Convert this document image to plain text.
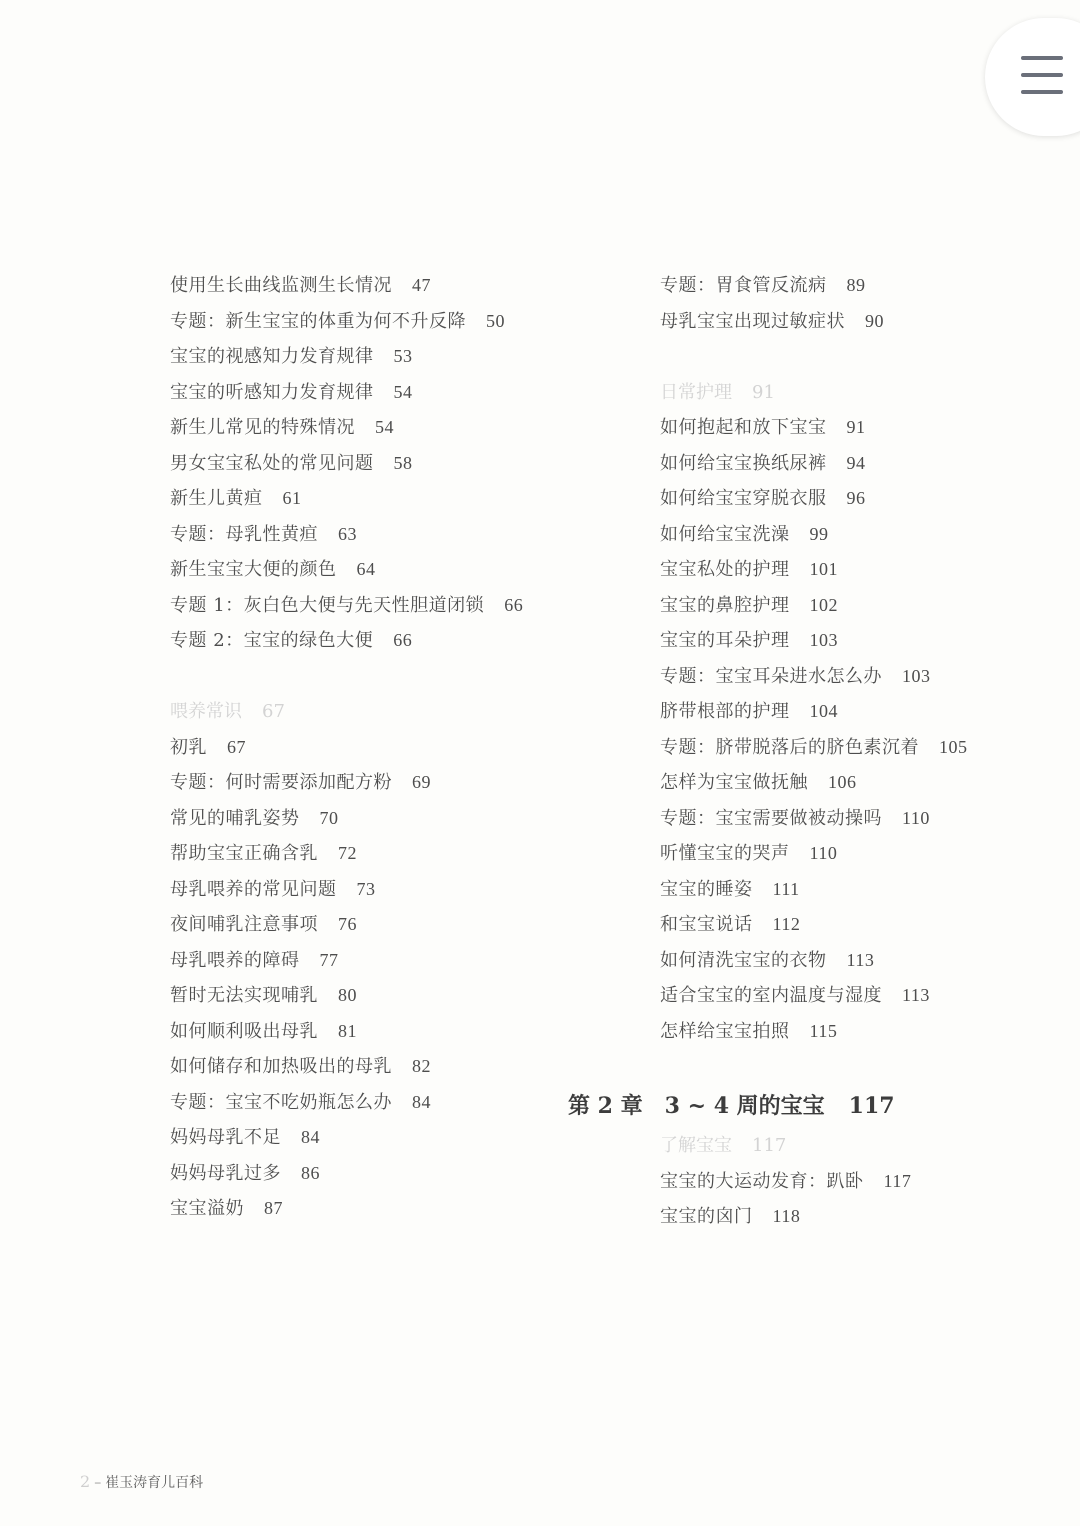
使用生长曲线监测生长情况 47
专题：新生宝宝的体重为何不升反降 50
宝宝的视感知力发育规律 53
宝宝的听感知力发育规律 54
新生儿常见的特殊情况 54
男女宝宝私处的常见问题 58
新生儿黄疸 61
专题：母乳性黄疸 63
新生宝宝大便的颜色 64
专题 1：灰白色大便与先天性胆道闭锁 66
专题 2：宝宝的绿色大便 66
喂养常识 67
初乳 67
专题：何时需要添加配方粉 69
常见的哺乳姿势 70
帮助宝宝正确含乳 72
母乳喂养的常见问题 73
夜间哺乳注意事项 76
母乳喂养的障碍 77
暂时无法实现哺乳 80
如何顺利吸出母乳 81
如何储存和加热吸出的母乳 82
专题：宝宝不吃奶瓶怎么办 84
妈妈母乳不足 84
妈妈母乳过多 86
宝宝溢奶 87
专题：胃食管反流病 89
母乳宝宝出现过敏症状 90
日常护理 91
如何抱起和放下宝宝 91
如何给宝宝换纸尿裤 94
如何给宝宝穿脱衣服 96
如何给宝宝洗澡 99
宝宝私处的护理 101
宝宝的鼻腔护理 102
宝宝的耳朵护理 103
专题：宝宝耳朵进水怎么办 103
脐带根部的护理 104
专题：脐带脱落后的脐色素沉着 105
怎样为宝宝做抚触 106
专题：宝宝需要做被动操吗 110
听懂宝宝的哭声 110
宝宝的睡姿 111
和宝宝说话 112
如何清洗宝宝的衣物 113
适合宝宝的室内温度与湿度 113
怎样给宝宝拍照 115
第 2 章 3 ~ 4 周的宝宝 117
了解宝宝 117
宝宝的大运动发育：趴卧 117
宝宝的囟门 118
2 – 崔玉涛育儿百科
